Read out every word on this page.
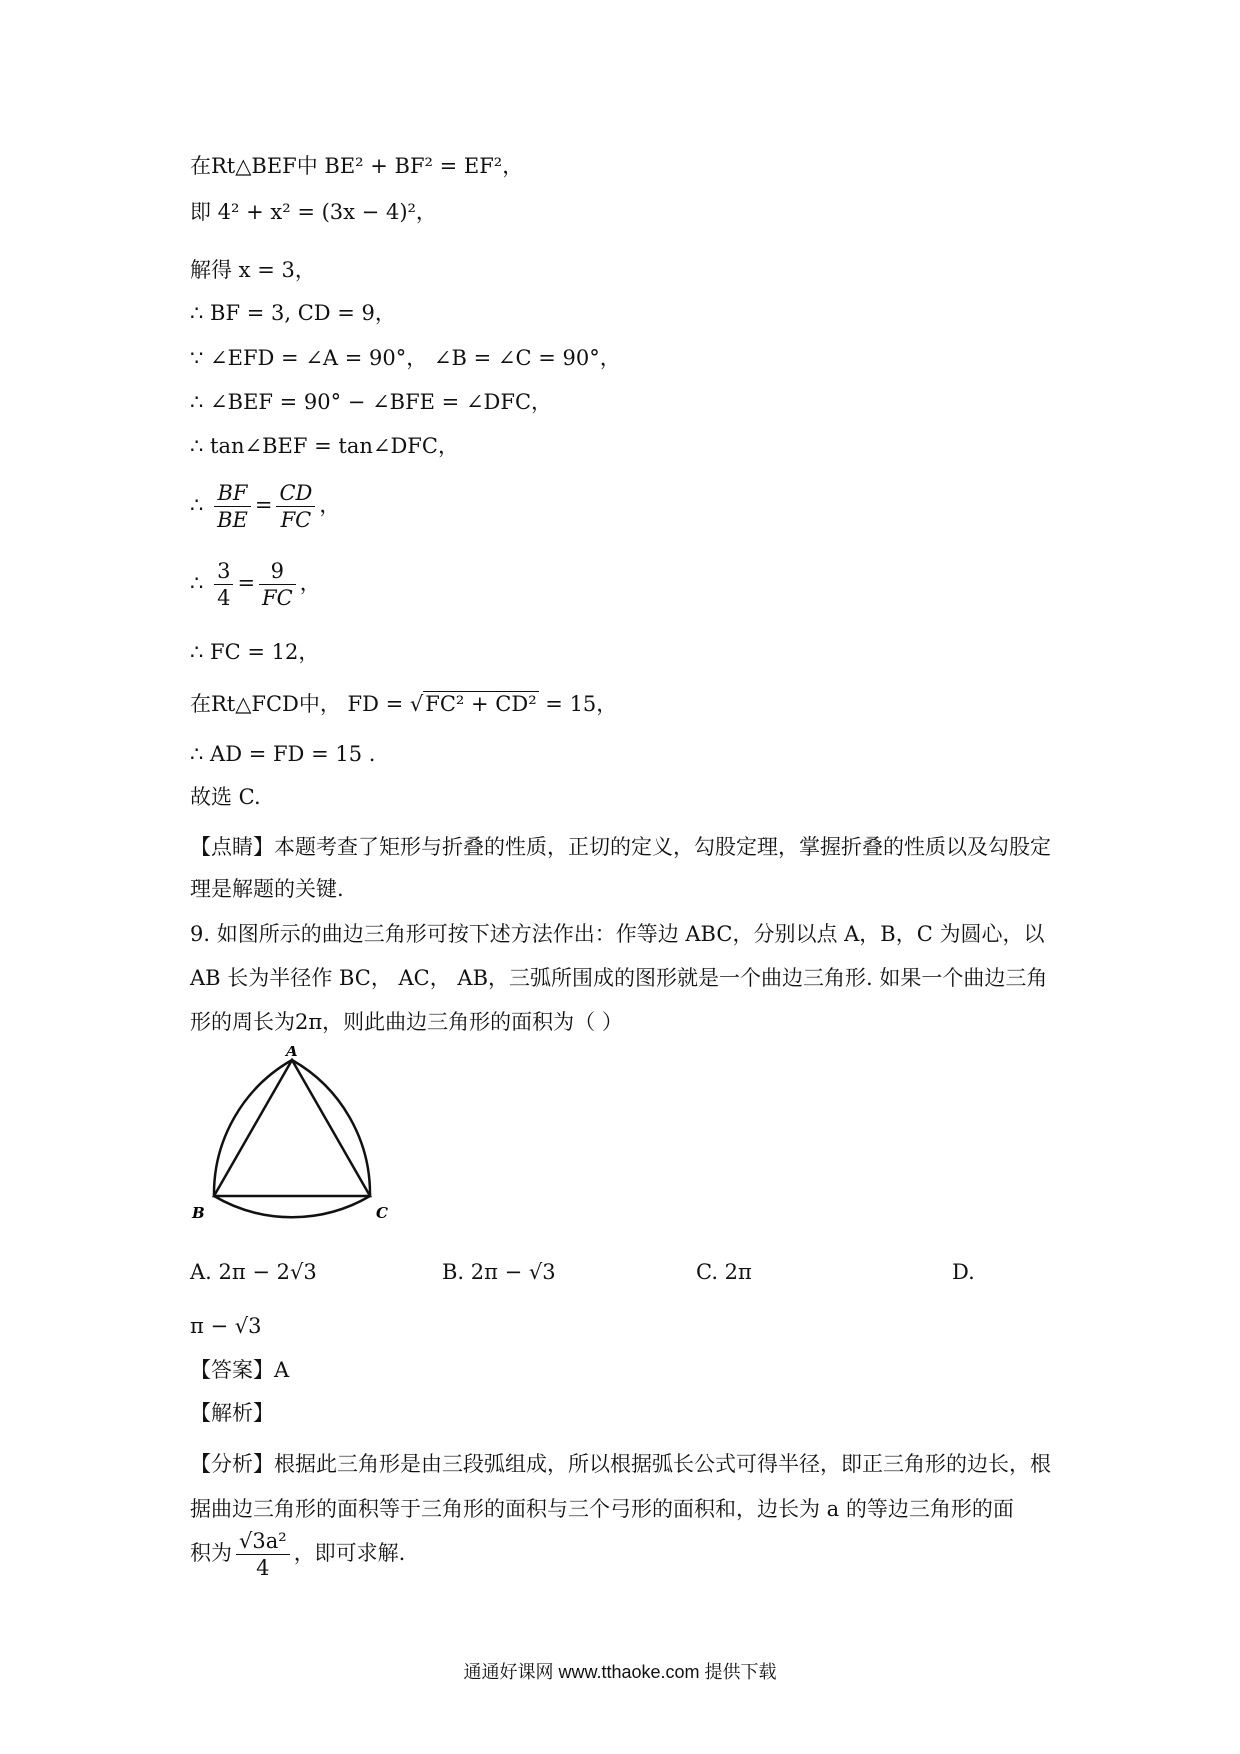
在Rt△BEF中 BE² + BF² = EF²，
即 4² + x² = (3x − 4)²，
解得 x = 3，
∴ BF = 3, CD = 9，
∵ ∠EFD = ∠A = 90°， ∠B = ∠C = 90°，
∴ ∠BEF = 90° − ∠BFE = ∠DFC，
∴ tan∠BEF = tan∠DFC，
∴ $\frac{BF}{BE} = \frac{CD}{FC}$ ，
∴ $\frac{3}{4} = \frac{9}{FC}$ ，
∴ FC = 12，
在Rt△FCD中， FD = √FC² + CD² = 15，
∴ AD = FD = 15 .
故选 C.
【点睛】本题考查了矩形与折叠的性质，正切的定义，勾股定理，掌握折叠的性质以及勾股定理是解题的关键.
9. 如图所示的曲边三角形可按下述方法作出：作等边 ABC，分别以点 A，B，C 为圆心，以 AB 长为半径作 BC， AC， AB，三弧所围成的图形就是一个曲边三角形. 如果一个曲边三角形的周长为2π，则此曲边三角形的面积为（ ）
A
B	C
A. 2π − 2√3	B. 2π − √3	C. 2π	D.
π − √3
【答案】A
【解析】
【分析】根据此三角形是由三段弧组成，所以根据弧长公式可得半径，即正三角形的边长，根据曲边三角形的面积等于三角形的面积与三个弓形的面积和，边长为 a 的等边三角形的面
积为 $\frac{\text{√3a²}}{4}$ ，即可求解.
通通好课网 www.tthaoke.com 提供下载
